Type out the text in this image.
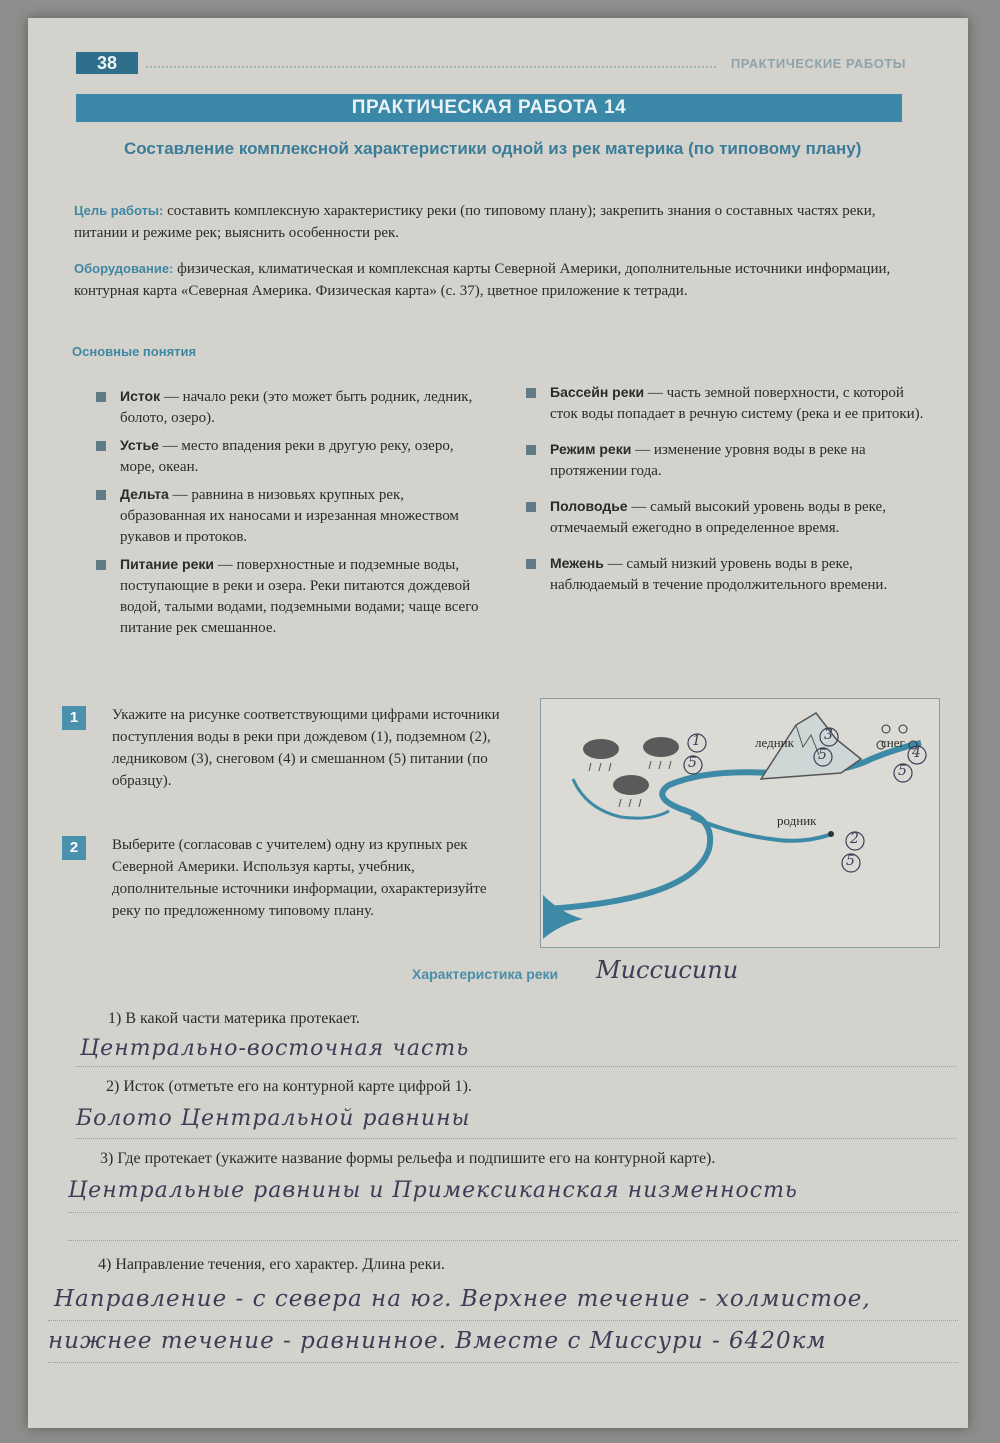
38	ПРАКТИЧЕСКИЕ РАБОТЫ
ПРАКТИЧЕСКАЯ РАБОТА 14
Составление комплексной характеристики одной из рек материка (по типовому плану)
Цель работы: составить комплексную характеристику реки (по типовому плану); закрепить знания о составных частях реки, питании и режиме рек; выяснить особенности рек.
Оборудование: физическая, климатическая и комплексная карты Северной Америки, дополнительные источники информации, контурная карта «Северная Америка. Физическая карта» (с. 37), цветное приложение к тетради.
Основные понятия
Исток — начало реки (это может быть родник, ледник, болото, озеро).
Устье — место впадения реки в другую реку, озеро, море, океан.
Дельта — равнина в низовьях крупных рек, образованная их наносами и изрезанная множеством рукавов и протоков.
Питание реки — поверхностные и подземные воды, поступающие в реки и озера. Реки питаются дождевой водой, талыми водами, подземными водами; чаще всего питание рек смешанное.
Бассейн реки — часть земной поверхности, с которой сток воды попадает в речную систему (река и ее притоки).
Режим реки — изменение уровня воды в реке на протяжении года.
Половодье — самый высокий уровень воды в реке, отмечаемый ежегодно в определенное время.
Межень — самый низкий уровень воды в реке, наблюдаемый в течение продолжительного времени.
1	Укажите на рисунке соответствующими цифрами источники поступления воды в реки при дождевом (1), подземном (2), ледниковом (3), снеговом (4) и смешанном (5) питании (по образцу).
2	Выберите (согласовав с учителем) одну из крупных рек Северной Америки. Используя карты, учебник, дополнительные источники информации, охарактеризуйте реку по предложенному типовому плану.
1
5
3
5	4
5
2
5
ледник	снег
родник
Характеристика реки Миссисипи
1) В какой части материка протекает.
Центрально-восточная часть
2) Исток (отметьте его на контурной карте цифрой 1).
Болото Центральной равнины
3) Где протекает (укажите название формы рельефа и подпишите его на контурной карте).
Центральные равнины и Примексиканская низменность
4) Направление течения, его характер. Длина реки.
Направление - с севера на юг. Верхнее течение - холмистое,
нижнее течение - равнинное. Вместе с Миссури - 6420км
